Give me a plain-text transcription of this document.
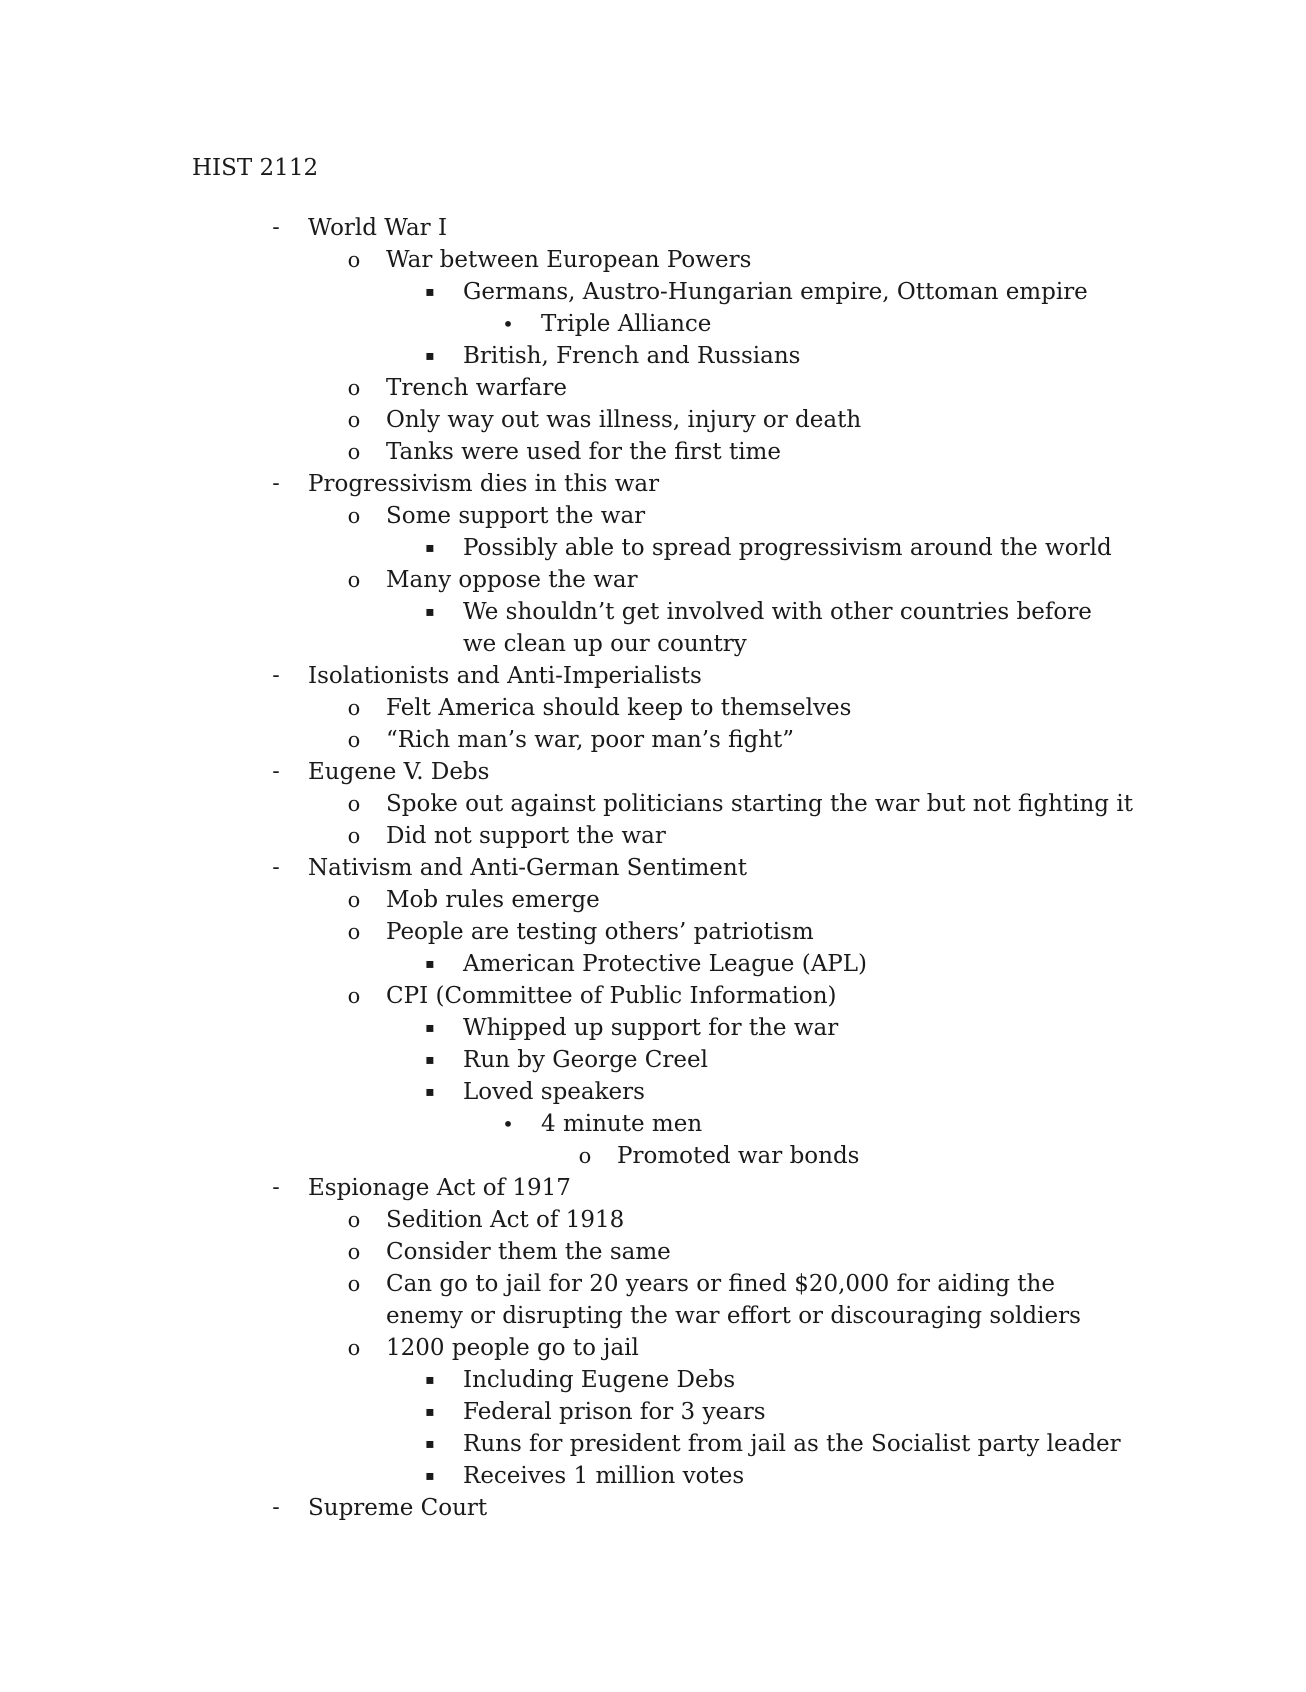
HIST 2112
-	World War I
o War between European Powers
▪	Germans, Austro-Hungarian empire, Ottoman empire
• Triple Alliance
▪	British, French and Russians
o Trench warfare
o Only way out was illness, injury or death
o Tanks were used for the first time
-	Progressivism dies in this war
o Some support the war
▪	Possibly able to spread progressivism around the world
o Many oppose the war
▪	We shouldn’t get involved with other countries before we clean up our country
-	Isolationists and Anti-Imperialists
o Felt America should keep to themselves
o “Rich man’s war, poor man’s fight”
-	Eugene V. Debs
o Spoke out against politicians starting the war but not fighting it
o Did not support the war
-	Nativism and Anti-German Sentiment
o Mob rules emerge
o People are testing others’ patriotism
▪	American Protective League (APL)
o CPI (Committee of Public Information)
▪	Whipped up support for the war
▪	Run by George Creel
▪	Loved speakers
• 4 minute men
o Promoted war bonds
-	Espionage Act of 1917
o Sedition Act of 1918
o Consider them the same
o Can go to jail for 20 years or fined $20,000 for aiding the enemy or disrupting the war effort or discouraging soldiers
o 1200 people go to jail
▪	Including Eugene Debs
▪	Federal prison for 3 years
▪	Runs for president from jail as the Socialist party leader
▪	Receives 1 million votes
-	Supreme Court
